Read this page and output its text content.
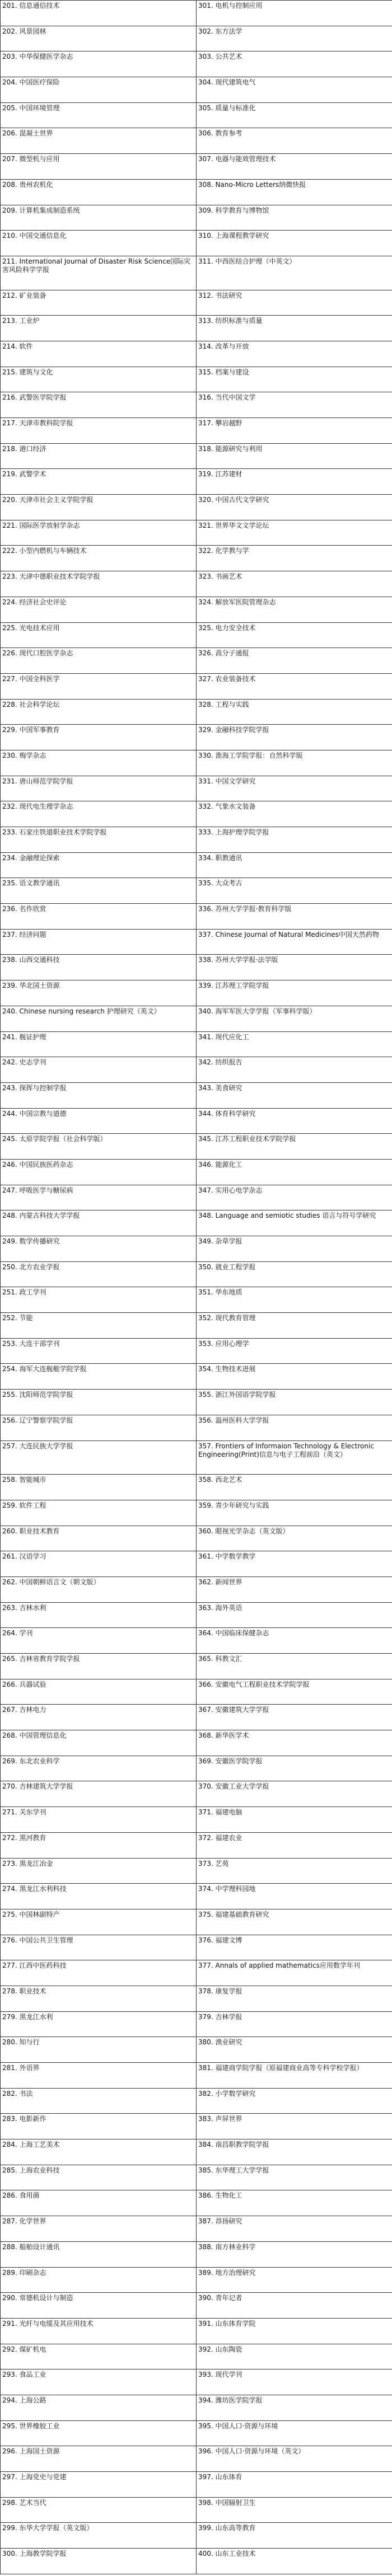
201. 信息通信技术	301. 电机与控制应用
202. 风景园林	302. 东方法学
203. 中华保健医学杂志	303. 公共艺术
204. 中国医疗保险	304. 现代建筑电气
205. 中国环境管理	305. 质量与标准化
206. 混凝土世界	306. 教育参考
207. 微型机与应用	307. 电器与能效管理技术
208. 贵州农机化	308. Nano-Micro Letters纳微快报
209. 计算机集成制造系统	309. 科学教育与博物馆
210. 中国交通信息化	310. 上海课程教学研究
211. International Journal of Disaster Risk Science国际灾害风险科学学报	311. 中西医结合护理（中英文）
212. 矿业装备	312. 书法研究
213. 工业炉	313. 纺织标准与质量
214. 软件	314. 改革与开放
215. 建筑与文化	315. 档案与建设
216. 武警医学院学报	316. 当代中国文学
217. 天津市教科院学报	317. 攀岩越野
218. 港口经济	318. 能源研究与利用
219. 武警学术	319. 江苏建材
220. 天津市社会主义学院学报	320. 中国古代文学研究
221. 国际医学放射学杂志	321. 世界华文文学论坛
222. 小型内燃机与车辆技术	322. 化学教与学
223. 天津中德职业技术学院学报	323. 书画艺术
224. 经济社会史评论	324. 解放军医院管理杂志
225. 光电技术应用	325. 电力安全技术
226. 现代口腔医学杂志	326. 高分子通报
227. 中国全科医学	327. 农业装备技术
228. 社会科学论坛	328. 工程与实践
229. 中国军事教育	329. 金融科技学院学报
230. 梅学杂志	330. 淮海工学院学报：自然科学版
231. 唐山师范学院学报	331. 中国文学研究
232. 现代电生理学杂志	332. 气象水文装备
233. 石家庄铁道职业技术学院学报	333. 上海护理学院学报
234. 金融理论探索	334. 职教通讯
235. 语文教学通讯	335. 大众考古
236. 名作欣赏	336. 苏州大学学报·教育科学版
237. 经济问题	337. Chinese Journal of Natural Medicines中国天然药物
238. 山西交通科技	338. 苏州大学学报·法学版
239. 华北国土资源	339. 江苏理工学院学报
240. Chinese nursing research 护理研究（英文）	340. 海军军医大学学报（军事科学版）
241. 舰证护理	341. 现代应化工
242. 史志学刊	342. 纺织报告
243. 探挥与控制学报	343. 美食研究
244. 中国宗教与道德	344. 体育科学研究
245. 太原学院学报（社会科学版）	345. 江苏工程职业技术学院学报
246. 中国民族医药杂志	346. 能源化工
247. 呼吸医学与糖尿病	347. 实用心电学杂志
248. 内蒙古科技大学学报	348. Language and semiotic studies 语言与符号学研究
249. 数学传播研究	349. 杂草学报
250. 北方农业学报	350. 就业工程学报
251. 政工学刊	351. 华东地质
252. 节能	352. 现代教育管理
253. 大连干部学刊	353. 应用心理学
254. 海军大连舰艇学院学报	354. 生物技术进展
255. 沈阳师范学院学报	355. 浙江外国语学院学报
256. 辽宁警察学院学报	356. 温州医科大学学报
257. 大连民族大学学报	357. Frontiers of Informaion Technology & Electronic Engineering(Print)信息与电子工程前沿（英文）
258. 智能城市	358. 西北艺术
259. 软件工程	359. 青少年研究与实践
260. 职业技术教育	360. 眼视光学杂志（英文版）
261. 汉语学习	361. 中学数学教学
262. 中国朝鲜语言文（朝文版）	362. 新闻世界
263. 吉林水利	363. 海外英语
264. 学刊	364. 中国临床保健杂志
265. 吉林省教育学院学报	365. 科教文汇
266. 兵器试验	366. 安徽电气工程职业技术学院学报
267. 吉林电力	367. 安徽建筑大学学报
268. 中国管理信息化	368. 新华医学术
269. 东北农业科学	369. 安徽医学院学报
270. 吉林建筑大学学报	370. 安徽工业大学学报
271. 关东学刊	371. 福建电脑
272. 黑河教育	372. 福建农业
273. 黑龙江冶金	373. 艺苑
274. 黑龙江水利科技	374. 中学理科园地
275. 中国林副特产	375. 福建基础教育研究
276. 中国公共卫生管理	376. 福建文博
277. 江西中医药科技	377. Annals of applied mathematics应用数学年刊
278. 职业技术	378. 康复学报
279. 黑龙江水利	379. 吉林学报
280. 知与行	380. 渔业研究
281. 外语界	381. 福建商学院学报（原福建商业高等专科学校学报）
282. 书法	382. 小学数学研究
283. 电影新作	383. 声屏世界
284. 上海工艺美术	384. 南昌职教学院学报
285. 上海农业科技	385. 东华理工大学学报
286. 食用菌	386. 生物化工
287. 化学世界	387. 昂扬研究
288. 船舶设计通讯	388. 南方林业科学
289. 印刷杂志	389. 地方治理研究
290. 常德机设计与制造	390. 青年记者
291. 光纤与电缆及其应用技术	391. 山东体育学院
292. 煤矿机电	392. 山东陶瓷
293. 食品工业	393. 现代学刊
294. 上海公路	394. 潍坊医学院学报
295. 世界橡胶工业	395. 中国人口·资源与环境
296. 上海国土资源	396. 中国人口·资源与环境（英文）
297. 上海党史与党建	397. 山东体育
298. 艺术当代	398. 中国辐射卫生
299. 东华大学学报（英文版）	399. 山东高等教育
300. 上海教学院学报	400. 山东工业技术
